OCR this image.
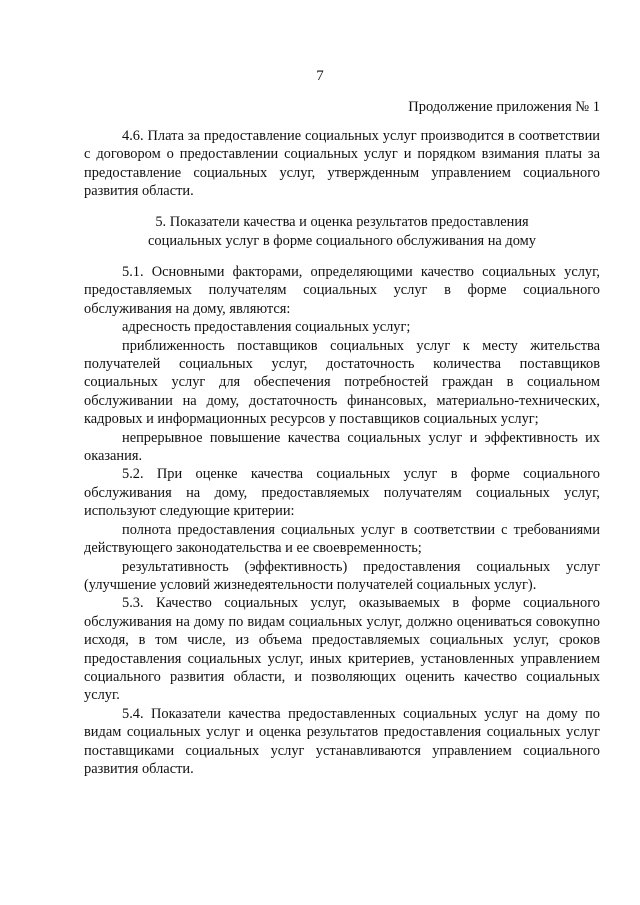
7
Продолжение приложения № 1

4.6. Плата за предоставление социальных услуг производится в соответствии с договором о предоставлении социальных услуг и порядком взимания платы за предоставление социальных услуг, утвержденным управлением социального развития области.

5. Показатели качества и оценка результатов предоставления
социальных услуг в форме социального обслуживания на дому

5.1. Основными факторами, определяющими качество социальных услуг, предоставляемых получателям социальных услуг в форме социального обслуживания на дому, являются:

адресность предоставления социальных услуг;

приближенность поставщиков социальных услуг к месту жительства получателей социальных услуг, достаточность количества поставщиков социальных услуг для обеспечения потребностей граждан в социальном обслуживании на дому, достаточность финансовых, материально-технических, кадровых и информационных ресурсов у поставщиков социальных услуг;

непрерывное повышение качества социальных услуг и эффективность их оказания.

5.2. При оценке качества социальных услуг в форме социального обслуживания на дому, предоставляемых получателям социальных услуг, используют следующие критерии:

полнота предоставления социальных услуг в соответствии с требованиями действующего законодательства и ее своевременность;

результативность (эффективность) предоставления социальных услуг (улучшение условий жизнедеятельности получателей социальных услуг).

5.3. Качество социальных услуг, оказываемых в форме социального обслуживания на дому по видам социальных услуг, должно оцениваться совокупно исходя, в том числе, из объема предоставляемых социальных услуг, сроков предоставления социальных услуг, иных критериев, установленных управлением социального развития области, и позволяющих оценить качество социальных услуг.

5.4. Показатели качества предоставленных социальных услуг на дому по видам социальных услуг и оценка результатов предоставления социальных услуг поставщиками социальных услуг устанавливаются управлением социального развития области.
